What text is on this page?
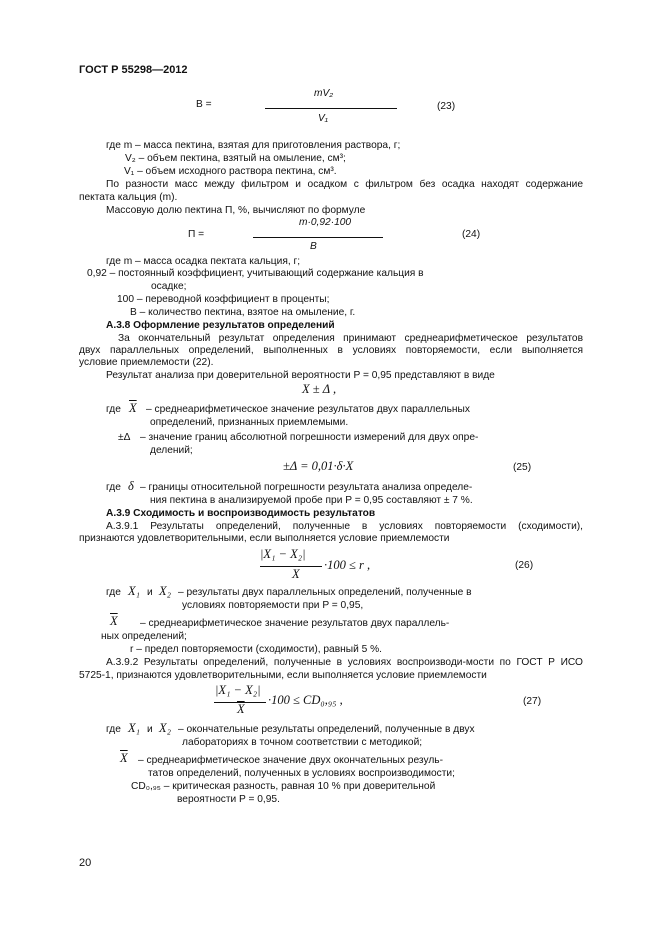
ГОСТ Р 55298—2012

B =

mV₂

V₁

(23)

где m – масса пектина, взятая для приготовления раствора, г;

V₂ – объем пектина, взятый на омыление, см³;

V₁ – объем исходного раствора пектина, см³.

По разности масс между фильтром и осадком с фильтром без осадка находят содержание

пектата кальция (m).

Массовую долю пектина П, %, вычисляют по формуле

m·0,92·100

П =

B

(24)

где m – масса осадка пектата кальция, г;

0,92 – постоянный коэффициент, учитывающий содержание кальция в

осадке;

100 – переводной коэффициент в проценты;

B – количество пектина, взятое на омыление, г.

А.3.8 Оформление результатов определений

За окончательный результат определения принимают среднеарифметическое результатов

двух параллельных определений, выполненных в условиях повторяемости, если выполняется

условие приемлемости (22).

Результат анализа при доверительной вероятности P = 0,95 представляют в виде

X ± Δ ,

где $\overline{X}$ – среднеарифметическое значение результатов двух параллельных

определений, признанных приемлемыми.

±Δ – значение границ абсолютной погрешности измерений для двух опре-

делений;

±Δ = 0,01·δ·X	(25)

где δ – границы относительной погрешности результата анализа определе-

ния пектина в анализируемой пробе при P = 0,95 составляют ± 7 %.

А.3.9 Сходимость и воспроизводимость результатов

А.3.9.1 Результаты определений, полученные в условиях повторяемости (сходимости),

признаются удовлетворительными, если выполняется условие приемлемости

|X₁ − X₂|

$\overline{X}$

·100 ≤ r ,	(26)

где X₁ и X₂ – результаты двух параллельных определений, полученные в

условиях повторяемости при P = 0,95,

$\overline{X}$ – среднеарифметическое значение результатов двух параллель-

ных определений;

r – предел повторяемости (сходимости), равный 5 %.

А.3.9.2 Результаты определений, полученные в условиях воспроизводи-мости по ГОСТ Р ИСО

5725-1, признаются удовлетворительными, если выполняется условие приемлемости

|X₁ − X₂|

$\overline{X}$

·100 ≤ CD₀,₉₅ ,	(27)

где X₁ и X₂ – окончательные результаты определений, полученные в двух

лабораториях в точном соответствии с методикой;

$\overline{X}$ – среднеарифметическое значение двух окончательных резуль-

татов определений, полученных в условиях воспроизводимости;

CD₀,₉₅ – критическая разность, равная 10 % при доверительной

вероятности P = 0,95.

20
